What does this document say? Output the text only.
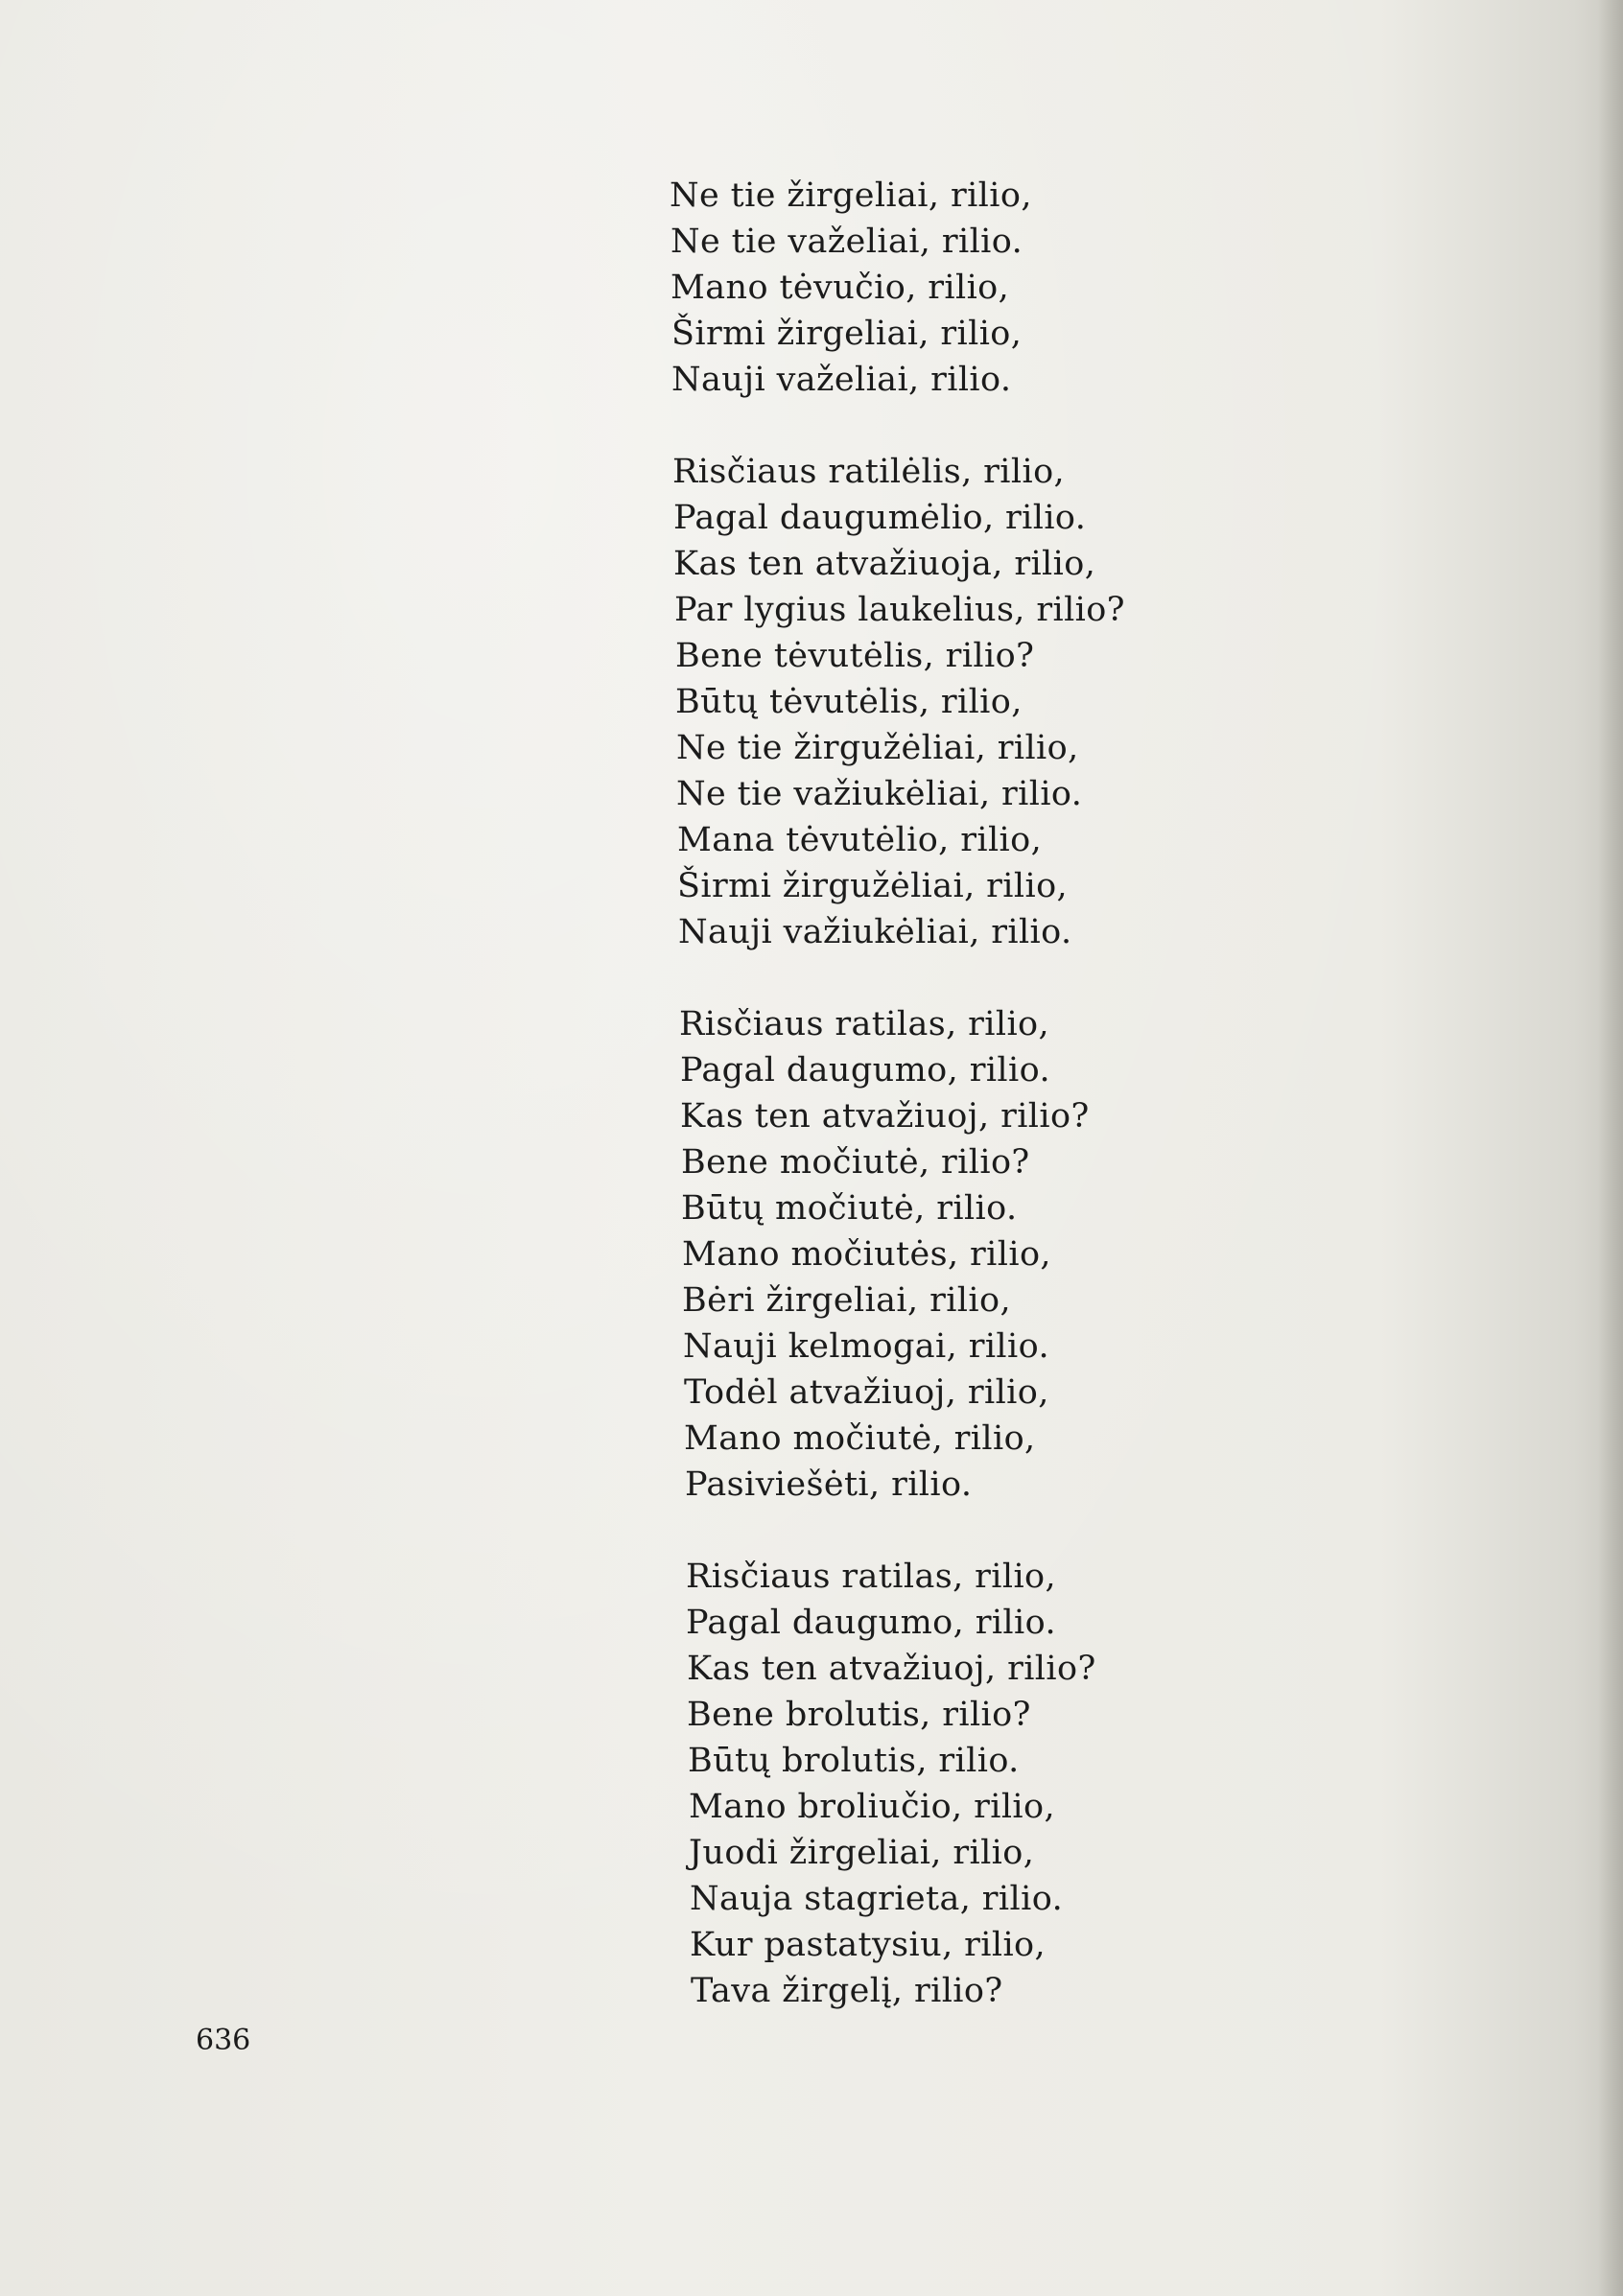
Ne tie žirgeliai, rilio,
Ne tie važeliai, rilio.
Mano tėvučio, rilio,
Širmi žirgeliai, rilio,
Nauji važeliai, rilio.
Risčiaus ratilėlis, rilio,
Pagal daugumėlio, rilio.
Kas ten atvažiuoja, rilio,
Par lygius laukelius, rilio?
Bene tėvutėlis, rilio?
Būtų tėvutėlis, rilio,
Ne tie žirgužėliai, rilio,
Ne tie važiukėliai, rilio.
Mana tėvutėlio, rilio,
Širmi žirgužėliai, rilio,
Nauji važiukėliai, rilio.
Risčiaus ratilas, rilio,
Pagal daugumo, rilio.
Kas ten atvažiuoj, rilio?
Bene močiutė, rilio?
Būtų močiutė, rilio.
Mano močiutės, rilio,
Bėri žirgeliai, rilio,
Nauji kelmogai, rilio.
Todėl atvažiuoj, rilio,
Mano močiutė, rilio,
Pasiviešėti, rilio.
Risčiaus ratilas, rilio,
Pagal daugumo, rilio.
Kas ten atvažiuoj, rilio?
Bene brolutis, rilio?
Būtų brolutis, rilio.
Mano broliučio, rilio,
Juodi žirgeliai, rilio,
Nauja stagrieta, rilio.
Kur pastatysiu, rilio,
Tava žirgelį, rilio?
636
